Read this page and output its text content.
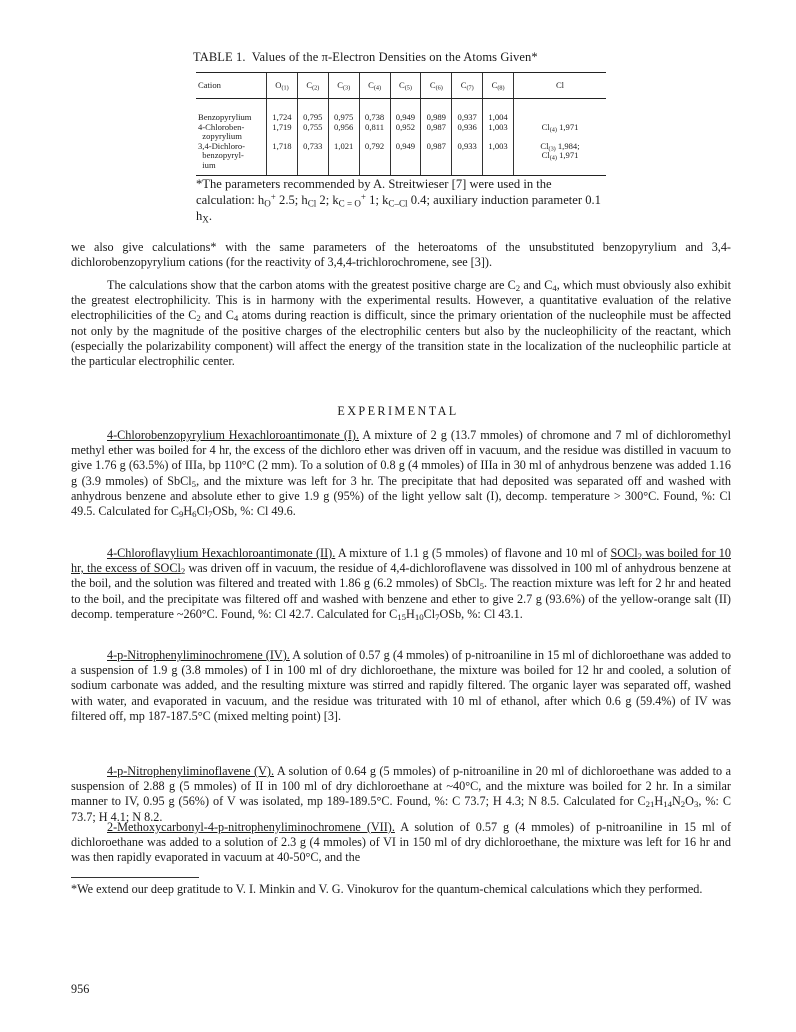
TABLE 1.  Values of the π-Electron Densities on the Atoms Given*
Cation	$O_{(1)}$	$C_{(2)}$	$C_{(3)}$	$C_{(4)}$	$C_{(5)}$	$C_{(6)}$	$C_{(7)}$	$C_{(8)}$	Cl
Benzopyrylium	1,724	0,795	0,975	0,738	0,949	0,989	0,937	1,004	
4-Chloroben-
zopyrylium	1,719	0,755	0,956	0,811	0,952	0,987	0,936	1,003	$Cl_{(4)}$ 1,971
3,4-Dichloro-
benzopyryl-
ium	1,718	0,733	1,021	0,792	0,949	0,987	0,933	1,003	$Cl_{(3)}$ 1,984;
$Cl_{(4)}$ 1,971
*The parameters recommended by A. Streitwieser [7] were used in the calculation: $h_O^+$ 2.5; $h_{Cl}$ 2; $k_{C = O}^+$ 1; $k_{C-Cl}$ 0.4; auxiliary induction parameter 0.1 $h_X$.

we also give calculations* with the same parameters of the heteroatoms of the unsubstituted benzopyrylium and 3,4-dichlorobenzopyrylium cations (for the reactivity of 3,4,4-trichlorochromene, see [3]).

The calculations show that the carbon atoms with the greatest positive charge are $C_2$ and $C_4$, which must obviously also exhibit the greatest electrophilicity. This is in harmony with the experimental results. However, a quantitative evaluation of the relative electrophilicities of the $C_2$ and $C_4$ atoms during reaction is difficult, since the primary orientation of the nucleophile must be affected not only by the magnitude of the positive charges of the electrophilic centers but also by the nucleophilicity of the reactant, which (especially the polarizability component) will affect the energy of the transition state in the localization of the nucleophilic particle at the particular electrophilic center.

EXPERIMENTAL

4-Chlorobenzopyrylium Hexachloroantimonate (I). A mixture of 2 g (13.7 mmoles) of chromone and 7 ml of dichloromethyl methyl ether was boiled for 4 hr, the excess of the dichloro ether was driven off in vacuum, and the residue was distilled in vacuum to give 1.76 g (63.5%) of IIIa, bp 110°C (2 mm). To a solution of 0.8 g (4 mmoles) of IIIa in 30 ml of anhydrous benzene was added 1.16 g (3.9 mmoles) of SbCl$_5$, and the mixture was left for 3 hr. The precipitate that had deposited was separated off and washed with anhydrous benzene and absolute ether to give 1.9 g (95%) of the light yellow salt (I), decomp. temperature > 300°C. Found, %: Cl 49.5. Calculated for $C_9H_6Cl_7OSb$, %: Cl 49.6.

4-Chloroflavylium Hexachloroantimonate (II). A mixture of 1.1 g (5 mmoles) of flavone and 10 ml of SOCl$_2$ was boiled for 10 hr, the excess of SOCl$_2$ was driven off in vacuum, the residue of 4,4-dichloroflavene was dissolved in 100 ml of anhydrous benzene at the boil, and the solution was filtered and treated with 1.86 g (6.2 mmoles) of SbCl$_5$. The reaction mixture was left for 2 hr and heated to the boil, and the precipitate was filtered off and washed with benzene and ether to give 2.7 g (93.6%) of the yellow-orange salt (II) decomp. temperature ~260°C. Found, %: Cl 42.7. Calculated for $C_{15}H_{10}Cl_7OSb$, %: Cl 43.1.

4-p-Nitrophenyliminochromene (IV). A solution of 0.57 g (4 mmoles) of p-nitroaniline in 15 ml of dichloroethane was added to a suspension of 1.9 g (3.8 mmoles) of I in 100 ml of dry dichloroethane, the mixture was boiled for 12 hr and cooled, a solution of sodium carbonate was added, and the resulting mixture was stirred and rapidly filtered. The organic layer was separated off, washed with water, and evaporated in vacuum, and the residue was triturated with 10 ml of ethanol, after which 0.6 g (59.4%) of IV was filtered off, mp 187-187.5°C (mixed melting point) [3].

4-p-Nitrophenyliminoflavene (V). A solution of 0.64 g (5 mmoles) of p-nitroaniline in 20 ml of dichloroethane was added to a suspension of 2.88 g (5 mmoles) of II in 100 ml of dry dichloroethane at ~40°C, and the mixture was boiled for 2 hr. In a similar manner to IV, 0.95 g (56%) of V was isolated, mp 189-189.5°C. Found, %: C 73.7; H 4.3; N 8.5. Calculated for $C_{21}H_{14}N_2O_3$, %: C 73.7; H 4.1; N 8.2.

2-Methoxycarbonyl-4-p-nitrophenyliminochromene (VII). A solution of 0.57 g (4 mmoles) of p-nitroaniline in 15 ml of dichloroethane was added to a solution of 2.3 g (4 mmoles) of VI in 150 ml of dry dichloroethane, the mixture was left for 16 hr and was then rapidly evaporated in vacuum at 40-50°C, and the

*We extend our deep gratitude to V. I. Minkin and V. G. Vinokurov for the quantum-chemical calculations which they performed.
956
